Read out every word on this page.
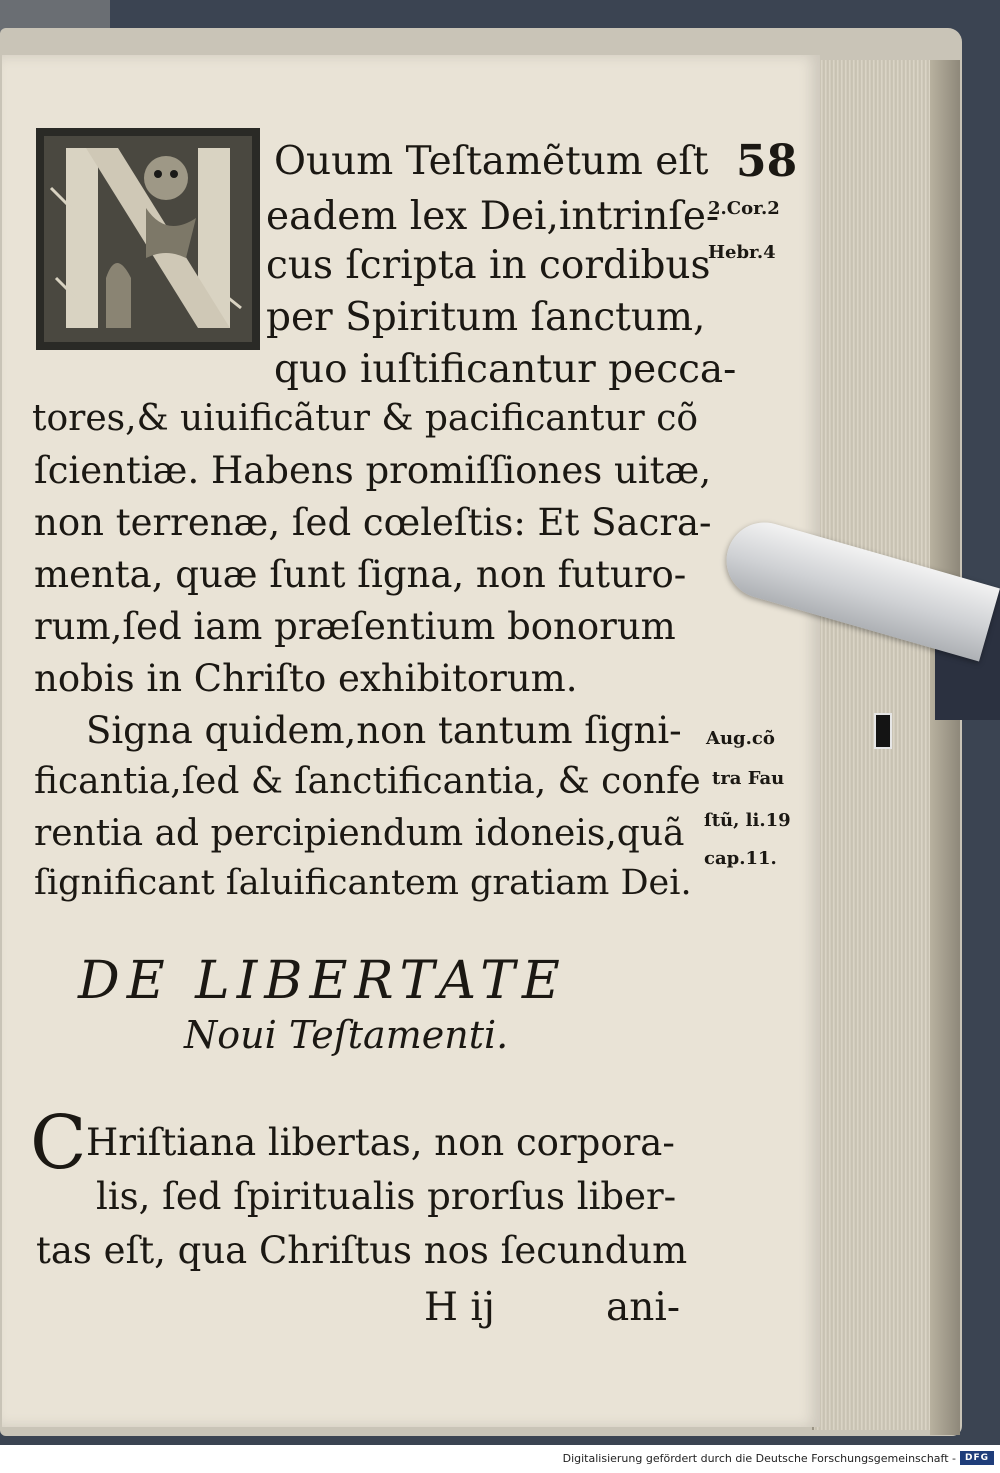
58

Ouum Teſtamẽtum eſt

eadem lex Dei,intrinſe-

cus ſcripta in cordibus

per Spiritum ſanctum,

quo iuſtificantur pecca-

tores,& uiuificãtur & pacificantur cõ

ſcientiæ. Habens promiſſiones uitæ,

non terrenæ, ſed cœleſtis: Et Sacra-

menta, quæ ſunt ſigna, non futuro-

rum,ſed iam præſentium bonorum

nobis in Chriſto exhibitorum.

Signa quidem,non tantum ſigni-

ficantia,ſed & ſanctificantia, & confe

rentia ad percipiendum idoneis,quã

ſignificant ſaluificantem gratiam Dei.

DE LIBERTATE

Noui Teſtamenti.

C Hriſtiana libertas, non corpora-

lis, ſed ſpiritualis prorſus liber-

tas eſt, qua Chriſtus nos ſecundum

H ij	ani-

2.Cor.2

Hebr.4

Aug.cõ

tra Fau

ſtũ, li.19

cap.11.

Digitalisierung gefördert durch die Deutsche Forschungsgemeinschaft - DFG
